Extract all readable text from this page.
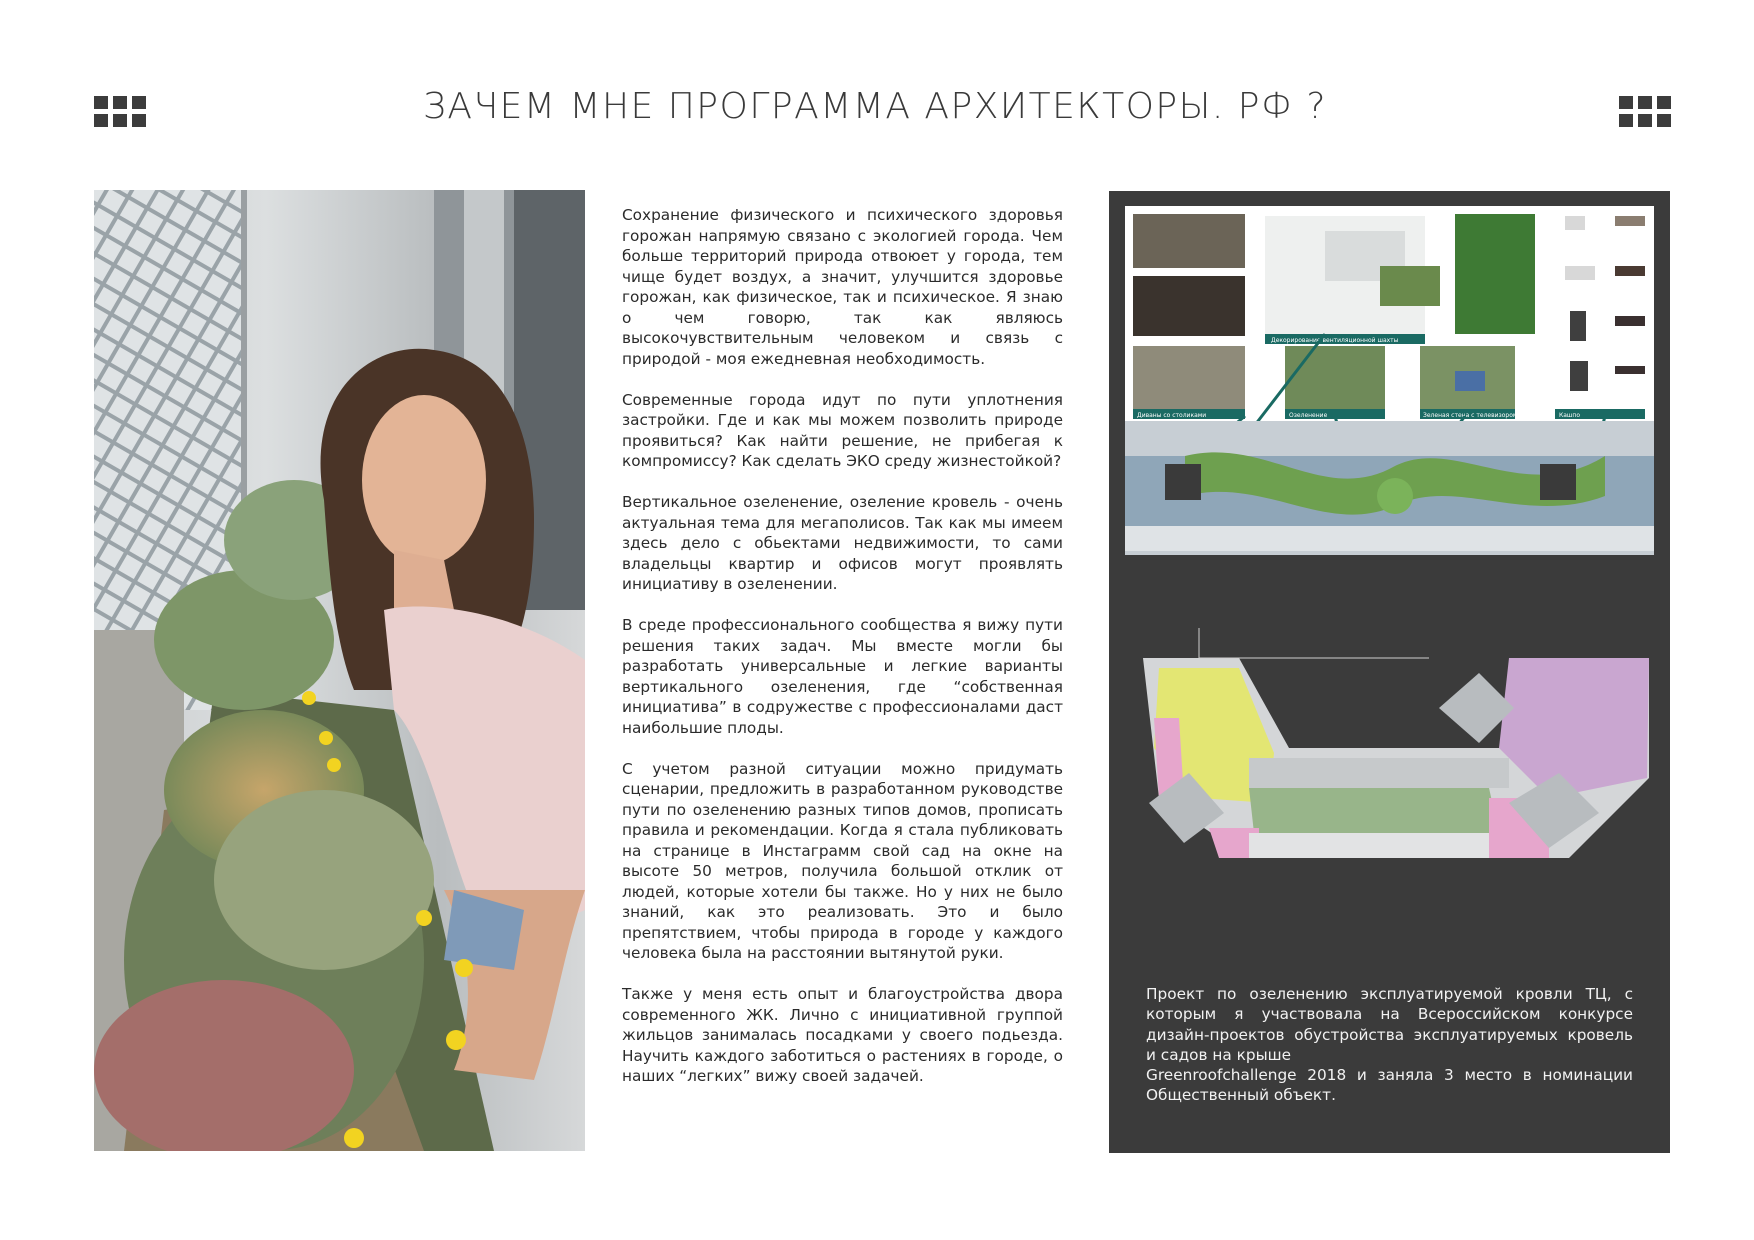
ЗАЧЕМ МНЕ ПРОГРАММА АРХИТЕКТОРЫ. РФ ?

Сохранение физического и психического здоровья горожан напрямую связано с экологией города. Чем больше территорий природа отвоюет у города, тем чище будет воздух, а значит, улучшится здоровье горожан, как физическое, так и психическое. Я знаю о чем говорю, так как являюсь высокочувствительным человеком и связь с природой - моя ежедневная необходимость.

Современные города идут по пути уплотнения застройки. Где и как мы можем позволить природе проявиться? Как найти решение, не прибегая к компромиссу? Как сделать ЭКО среду жизнестойкой?

Вертикальное озеленение, озеление кровель - очень актуальная тема для мегаполисов. Так как мы имеем здесь дело с обьектами недвижимости, то сами владельцы квартир и офисов могут проявлять инициативу в озеленении.

В среде профессионального сообщества я вижу пути решения таких задач. Мы вместе могли бы разработать универсальные и легкие варианты вертикального озеленения, где “собственная инициатива” в содружестве с профессионалами даст наибольшие плоды.

С учетом разной ситуации можно придумать сценарии, предложить в разработанном руководстве пути по озеленению разных типов домов, прописать правила и рекомендации. Когда я стала публиковать на странице в Инстаграмм свой сад на окне на высоте 50 метров, получила большой отклик от людей, которые хотели бы также. Но у них не было знаний, как это реализовать. Это и было препятствием, чтобы природа в городе у каждого человека была на расстоянии вытянутой руки.

Также у меня есть опыт и благоустройства двора современного ЖК. Лично с инициативной группой жильцов занималась посадками у своего подьезда. Научить каждого заботиться о растениях в городе, о наших “легких” вижу своей задачей.

Декорирование вентиляционной шахты
Диваны со столиками	Озеленение	Зеленая стена с телевизором	Кашпо
Проект по озеленению эксплуатируемой кровли ТЦ, с которым я участвовала на Всероссийском конкурсе дизайн-проектов обустройства эксплуатируемых кровель и садов на крыше
Greenroofchallenge 2018 и заняла 3 место в номинации Общественный объект.
